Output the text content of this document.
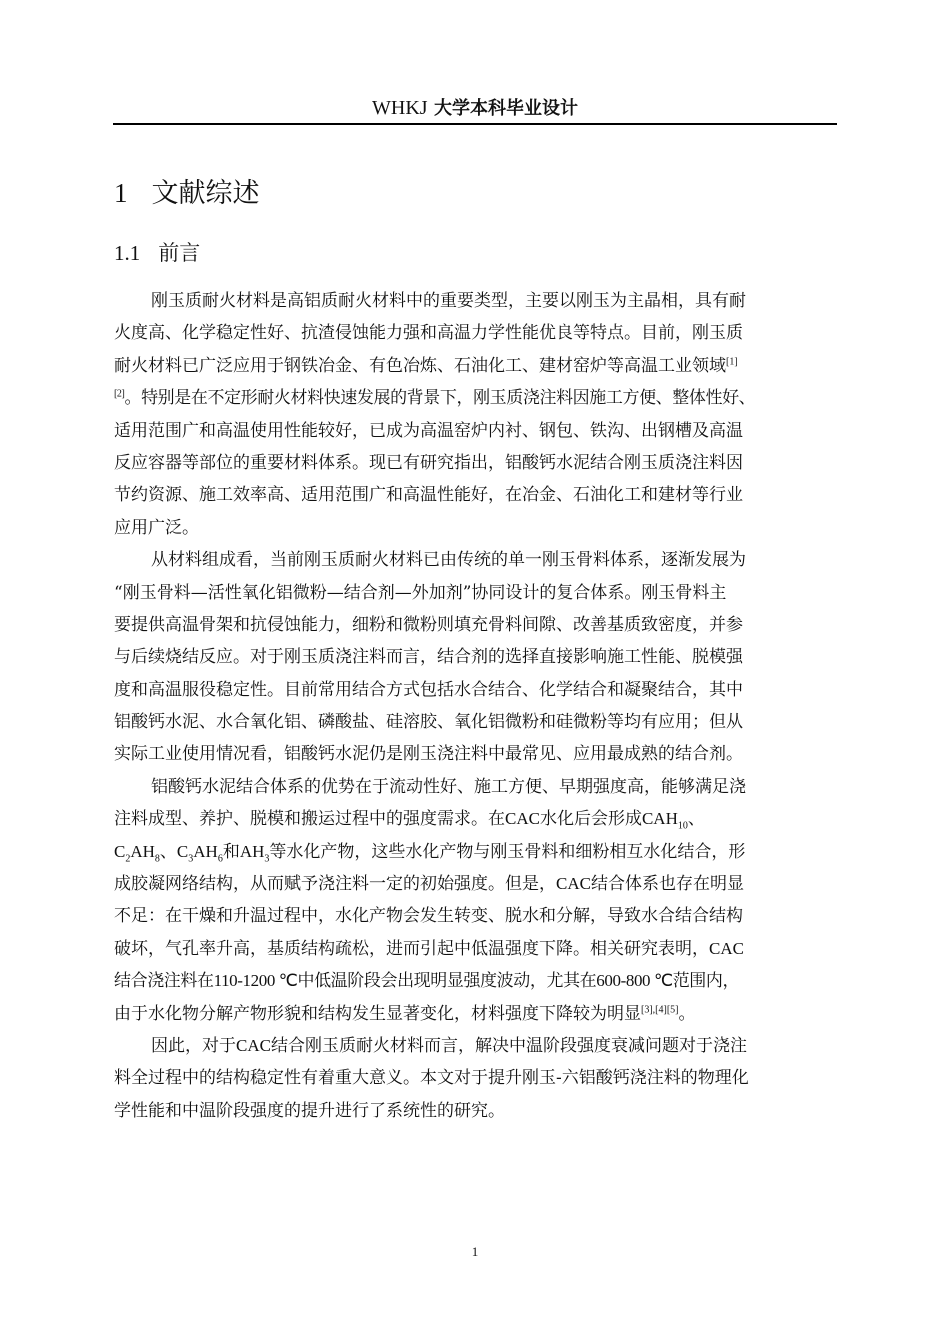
WHKJ 大学本科毕业设计
1 文献综述
1.1 前言
刚玉质耐火材料是高铝质耐火材料中的重要类型，主要以刚玉为主晶相，具有耐
火度高、化学稳定性好、抗渣侵蚀能力强和高温力学性能优良等特点。目前，刚玉质
耐火材料已广泛应用于钢铁冶金、有色冶炼、石油化工、建材窑炉等高温工业领域[1]
[2]。特别是在不定形耐火材料快速发展的背景下，刚玉质浇注料因施工方便、整体性好、
适用范围广和高温使用性能较好，已成为高温窑炉内衬、钢包、铁沟、出钢槽及高温
反应容器等部位的重要材料体系。现已有研究指出，铝酸钙水泥结合刚玉质浇注料因
节约资源、施工效率高、适用范围广和高温性能好，在冶金、石油化工和建材等行业
应用广泛。
从材料组成看，当前刚玉质耐火材料已由传统的单一刚玉骨料体系，逐渐发展为
“刚玉骨料—活性氧化铝微粉—结合剂—外加剂”协同设计的复合体系。刚玉骨料主
要提供高温骨架和抗侵蚀能力，细粉和微粉则填充骨料间隙、改善基质致密度，并参
与后续烧结反应。对于刚玉质浇注料而言，结合剂的选择直接影响施工性能、脱模强
度和高温服役稳定性。目前常用结合方式包括水合结合、化学结合和凝聚结合，其中
铝酸钙水泥、水合氧化铝、磷酸盐、硅溶胶、氧化铝微粉和硅微粉等均有应用；但从
实际工业使用情况看，铝酸钙水泥仍是刚玉浇注料中最常见、应用最成熟的结合剂。
铝酸钙水泥结合体系的优势在于流动性好、施工方便、早期强度高，能够满足浇
注料成型、养护、脱模和搬运过程中的强度需求。在CAC水化后会形成$CAH_{10}$、
$C_2AH_8$、$C_3AH_6$和$AH_3$等水化产物，这些水化产物与刚玉骨料和细粉相互水化结合，形
成胶凝网络结构，从而赋予浇注料一定的初始强度。但是，CAC结合体系也存在明显
不足：在干燥和升温过程中，水化产物会发生转变、脱水和分解，导致水合结合结构
破坏，气孔率升高，基质结构疏松，进而引起中低温强度下降。相关研究表明，CAC
结合浇注料在110-1200 ℃中低温阶段会出现明显强度波动，尤其在600-800 ℃范围内，
由于水化物分解产物形貌和结构发生显著变化，材料强度下降较为明显[3],[4][5]。
因此，对于CAC结合刚玉质耐火材料而言，解决中温阶段强度衰减问题对于浇注
料全过程中的结构稳定性有着重大意义。本文对于提升刚玉-六铝酸钙浇注料的物理化
学性能和中温阶段强度的提升进行了系统性的研究。
1
